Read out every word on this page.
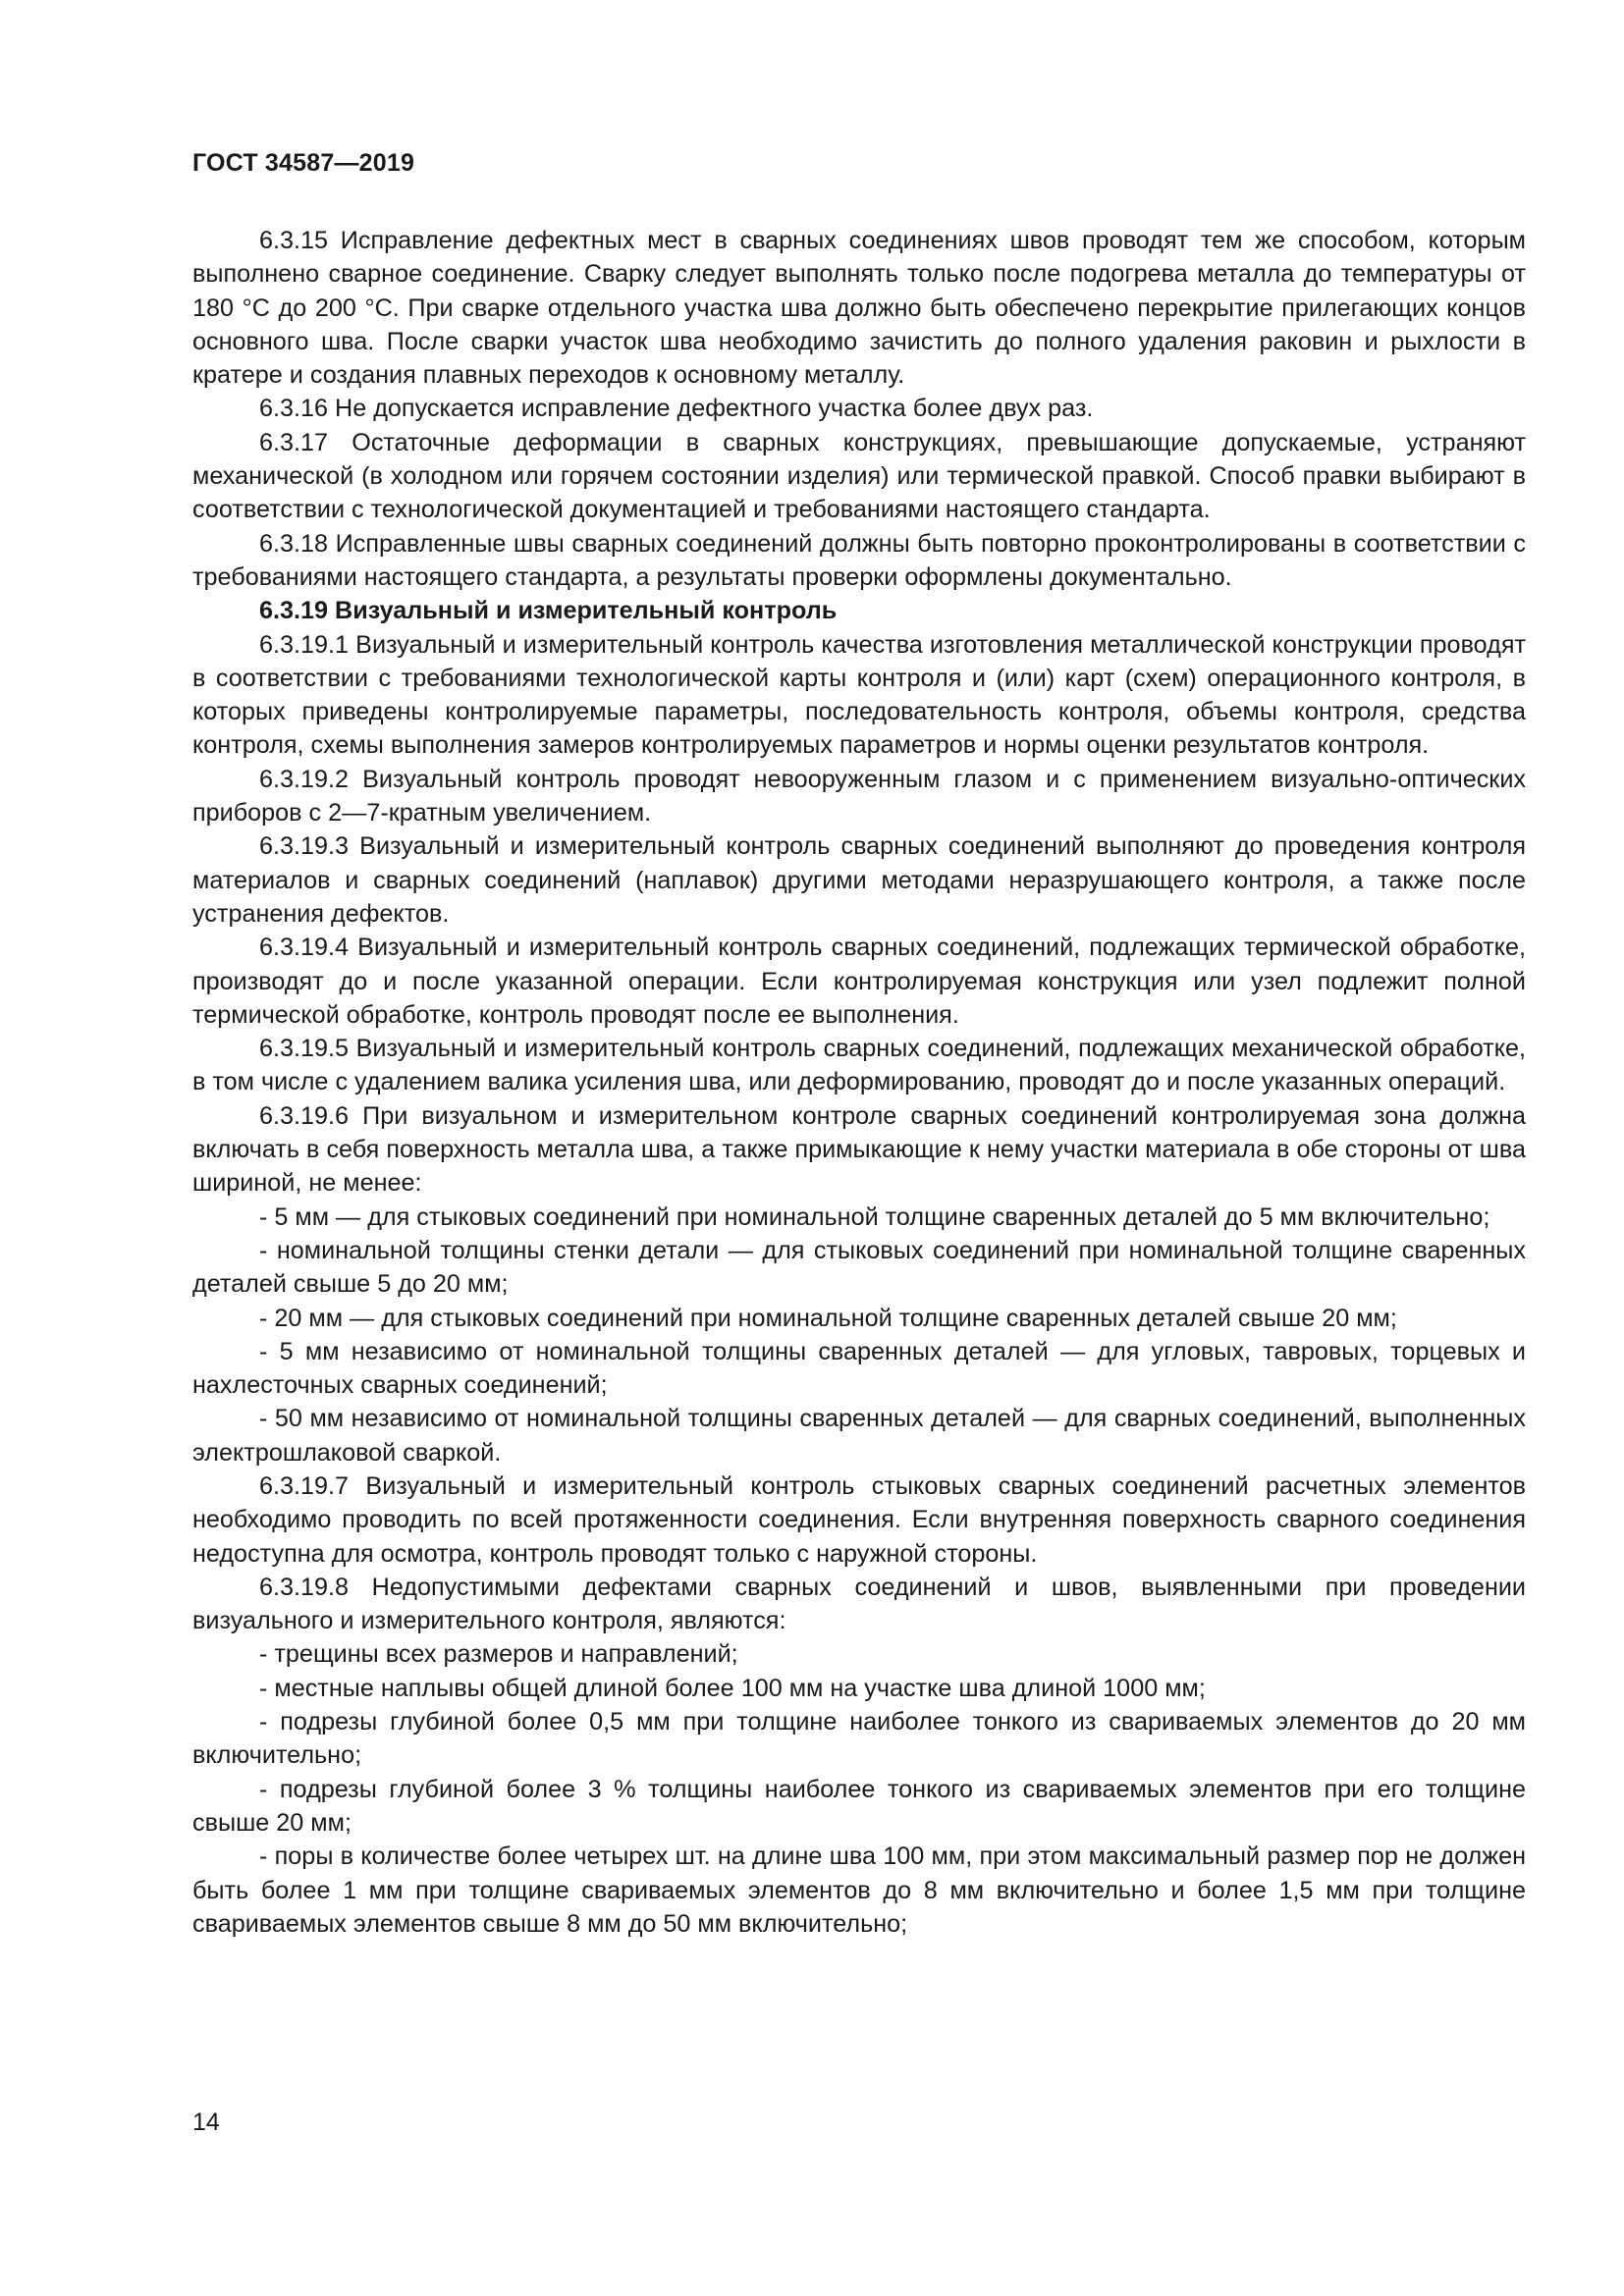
ГОСТ 34587—2019

6.3.15 Исправление дефектных мест в сварных соединениях швов проводят тем же способом, которым выполнено сварное соединение. Сварку следует выполнять только после подогрева металла до температуры от 180 °С до 200 °С. При сварке отдельного участка шва должно быть обеспечено перекрытие прилегающих концов основного шва. После сварки участок шва необходимо зачистить до полного удаления раковин и рыхлости в кратере и создания плавных переходов к основному металлу.

6.3.16 Не допускается исправление дефектного участка более двух раз.

6.3.17 Остаточные деформации в сварных конструкциях, превышающие допускаемые, устраняют механической (в холодном или горячем состоянии изделия) или термической правкой. Способ правки выбирают в соответствии с технологической документацией и требованиями настоящего стандарта.

6.3.18 Исправленные швы сварных соединений должны быть повторно проконтролированы в соответствии с требованиями настоящего стандарта, а результаты проверки оформлены документально.

6.3.19 Визуальный и измерительный контроль

6.3.19.1 Визуальный и измерительный контроль качества изготовления металлической конструкции проводят в соответствии с требованиями технологической карты контроля и (или) карт (схем) операционного контроля, в которых приведены контролируемые параметры, последовательность контроля, объемы контроля, средства контроля, схемы выполнения замеров контролируемых параметров и нормы оценки результатов контроля.

6.3.19.2 Визуальный контроль проводят невооруженным глазом и с применением визуально-оптических приборов с 2—7-кратным увеличением.

6.3.19.3 Визуальный и измерительный контроль сварных соединений выполняют до проведения контроля материалов и сварных соединений (наплавок) другими методами неразрушающего контроля, а также после устранения дефектов.

6.3.19.4 Визуальный и измерительный контроль сварных соединений, подлежащих термической обработке, производят до и после указанной операции. Если контролируемая конструкция или узел подлежит полной термической обработке, контроль проводят после ее выполнения.

6.3.19.5 Визуальный и измерительный контроль сварных соединений, подлежащих механической обработке, в том числе с удалением валика усиления шва, или деформированию, проводят до и после указанных операций.

6.3.19.6 При визуальном и измерительном контроле сварных соединений контролируемая зона должна включать в себя поверхность металла шва, а также примыкающие к нему участки материала в обе стороны от шва шириной, не менее:

- 5 мм — для стыковых соединений при номинальной толщине сваренных деталей до 5 мм включительно;

- номинальной толщины стенки детали — для стыковых соединений при номинальной толщине сваренных деталей свыше 5 до 20 мм;

- 20 мм — для стыковых соединений при номинальной толщине сваренных деталей свыше 20 мм;

- 5 мм независимо от номинальной толщины сваренных деталей — для угловых, тавровых, торцевых и нахлесточных сварных соединений;

- 50 мм независимо от номинальной толщины сваренных деталей — для сварных соединений, выполненных электрошлаковой сваркой.

6.3.19.7 Визуальный и измерительный контроль стыковых сварных соединений расчетных элементов необходимо проводить по всей протяженности соединения. Если внутренняя поверхность сварного соединения недоступна для осмотра, контроль проводят только с наружной стороны.

6.3.19.8 Недопустимыми дефектами сварных соединений и швов, выявленными при проведении визуального и измерительного контроля, являются:

- трещины всех размеров и направлений;

- местные наплывы общей длиной более 100 мм на участке шва длиной 1000 мм;

- подрезы глубиной более 0,5 мм при толщине наиболее тонкого из свариваемых элементов до 20 мм включительно;

- подрезы глубиной более 3 % толщины наиболее тонкого из свариваемых элементов при его толщине свыше 20 мм;

- поры в количестве более четырех шт. на длине шва 100 мм, при этом максимальный размер пор не должен быть более 1 мм при толщине свариваемых элементов до 8 мм включительно и более 1,5 мм при толщине свариваемых элементов свыше 8 мм до 50 мм включительно;

14
